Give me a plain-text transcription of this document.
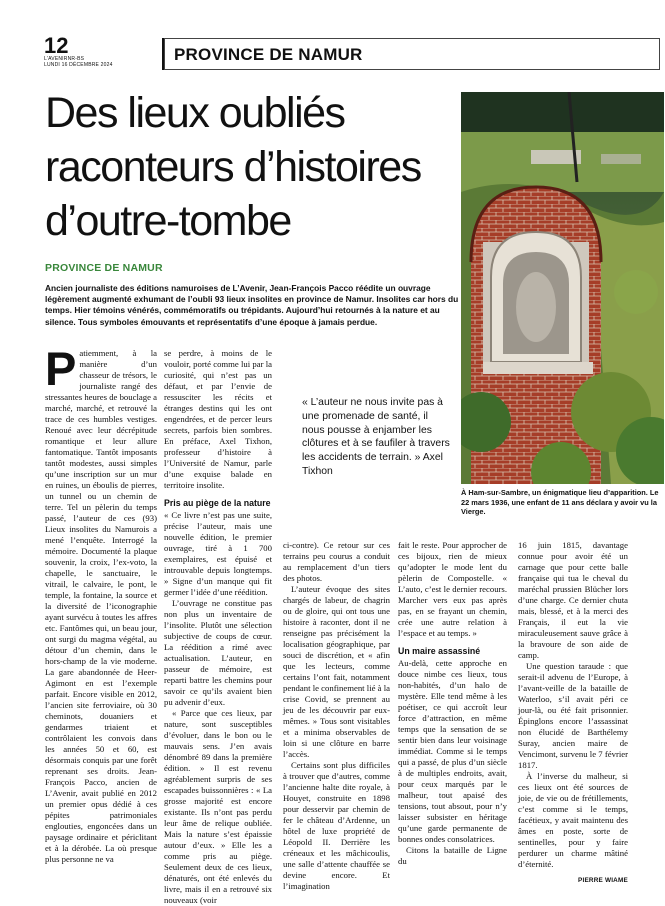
12
L'AVENIRNR-BS
LUNDI 16 DÉCEMBRE 2024
PROVINCE DE NAMUR
Des lieux oubliés
raconteurs d’histoires
d’outre-tombe
PROVINCE DE NAMUR
Ancien journaliste des éditions namuroises de L’Avenir, Jean-François Pacco réédite un ouvrage légèrement augmenté exhumant de l’oubli 93 lieux insolites en province de Namur. Insolites car hors du temps. Hier témoins vénérés, commémoratifs ou trépidants. Aujourd’hui retournés à la nature et au silence. Tous symboles émouvants et représentatifs d’une époque à jamais perdue.
À Ham-sur-Sambre, un énigmatique lieu d’apparition. Le 22 mars 1936, une enfant de 11 ans déclara y avoir vu la Vierge.

Patiemment, à la manière d’un chasseur de trésors, le journaliste rangé des stressantes heures de bouclage a marché, marché, et retrouvé la trace de ces humbles vestiges. Renoué avec leur décrépitude romantique et leur allure fantomatique. Tantôt imposants tantôt modestes, aussi simples qu’une inscription sur un mur en ruines, un éboulis de pierres, un tunnel ou un chemin de terre. Tel un pèlerin du temps passé, l’auteur de ces (93) Lieux insolites du Namurois a mené l’enquête. Interrogé la mémoire. Documenté la plaque souvenir, la croix, l’ex-voto, la chapelle, le sanctuaire, le vitrail, le calvaire, le pont, le temple, la fontaine, la source et la diversité de l’iconographie ayant survécu à toutes les affres etc. Fantômes qui, un beau jour, ont surgi du magma végétal, au détour d’un chemin, dans le hors-champ de la vie moderne. La gare abandonnée de Heer-Agimont en est l’exemple parfait. Encore visible en 2012, l’ancien site ferroviaire, où 30 cheminots, douaniers et gendarmes triaient et contrôlaient les convois dans les années 50 et 60, est désormais conquis par une forêt reprenant ses droits. Jean-François Pacco, ancien de L’Avenir, avait publié en 2012 un premier opus dédié à ces pépites patrimoniales englouties, engoncées dans un paysage ordinaire et périclitant et à la dérobée. La où presque plus personne ne va

se perdre, à moins de le vouloir, porté comme lui par la curiosité, qui n’est pas un défaut, et par l’envie de ressusciter les récits et étranges destins qui les ont engendrées, et de percer leurs secrets, parfois bien sombres. En préface, Axel Tixhon, professeur d’histoire à l’Université de Namur, parle d’une exquise balade en territoire insolite.

Pris au piège de la nature

« Ce livre n’est pas une suite, précise l’auteur, mais une nouvelle édition, le premier ouvrage, tiré à 1 700 exemplaires, est épuisé et introuvable depuis longtemps. » Signe d’un manque qui fit germer l’idée d’une réédition.

L’ouvrage ne constitue pas non plus un inventaire de l’insolite. Plutôt une sélection subjective de coups de cœur. La réédition a rimé avec actualisation. L’auteur, en passeur de mémoire, est reparti battre les chemins pour savoir ce qu’ils avaient bien pu advenir d’eux.

« Parce que ces lieux, par nature, sont susceptibles d’évoluer, dans le bon ou le mauvais sens. J’en avais dénombré 89 dans la première édition. » Il est revenu agréablement surpris de ses escapades buissonnières : « La grosse majorité est encore existante. Ils n’ont pas perdu leur âme de relique oubliée. Mais la nature s’est épaissie autour d’eux. » Elle les a comme pris au piège. Seulement deux de ces lieux, dénaturés, ont été enlevés du livre, mais il en a retrouvé six nouveaux (voir

« L’auteur ne nous invite pas à une promenade de santé, il nous pousse à enjamber les clôtures et à se faufiler à travers les accidents de terrain. » Axel Tixhon

ci-contre). Ce retour sur ces terrains peu courus a conduit au remplacement d’un tiers des photos.

L’auteur évoque des sites chargés de labeur, de chagrin ou de gloire, qui ont tous une histoire à raconter, dont il ne renseigne pas précisément la localisation géographique, par souci de discrétion, et « afin que les lecteurs, comme certains l’ont fait, notamment pendant le confinement lié à la crise Covid, se prennent au jeu de les découvrir par eux-mêmes. » Tous sont visitables et a minima observables de loin si une clôture en barre l’accès.

Certains sont plus difficiles à trouver que d’autres, comme l’ancienne halte dite royale, à Houyet, construite en 1898 pour desservir par chemin de fer le château d’Ardenne, un hôtel de luxe propriété de Léopold II. Derrière les créneaux et les mâchicoulis, une salle d’attente chauffée se devine encore. Et l’imagination

fait le reste. Pour approcher de ces bijoux, rien de mieux qu’adopter le mode lent du pèlerin de Compostelle. « L’auto, c’est le dernier recours. Marcher vers eux pas après pas, en se frayant un chemin, crée une autre relation à l’espace et au temps. »

Un maire assassiné

Au-delà, cette approche en douce nimbe ces lieux, tous non-habités, d’un halo de mystère. Elle tend même à les poétiser, ce qui accroît leur force d’attraction, en même temps que la sensation de se sentir bien dans leur voisinage immédiat. Comme si le temps qui a passé, de plus d’un siècle à de multiples endroits, avait, pour ceux marqués par le malheur, tout apaisé des tensions, tout absout, pour n’y laisser subsister en héritage qu’une garde permanente de bonnes ondes consolatrices.

Citons la bataille de Ligne du

16 juin 1815, davantage connue pour avoir été un carnage que pour cette balle française qui tua le cheval du maréchal prussien Blücher lors d’une charge. Ce dernier chuta mais, blessé, et à la merci des Français, il eut la vie miraculeusement sauve grâce à la bravoure de son aide de camp.

Une question taraude : que serait-il advenu de l’Europe, à l’avant-veille de la bataille de Waterloo, s’il avait péri ce jour-là, ou été fait prisonnier. Épinglons encore l’assassinat non élucidé de Barthélemy Suray, ancien maire de Vencimont, survenu le 7 février 1817.

À l’inverse du malheur, si ces lieux ont été sources de joie, de vie ou de frétillements, c’est comme si le temps, facétieux, y avait maintenu des âmes en poste, sorte de sentinelles, pour y faire perdurer un charme mâtiné d’éternité.

PIERRE WIAME
